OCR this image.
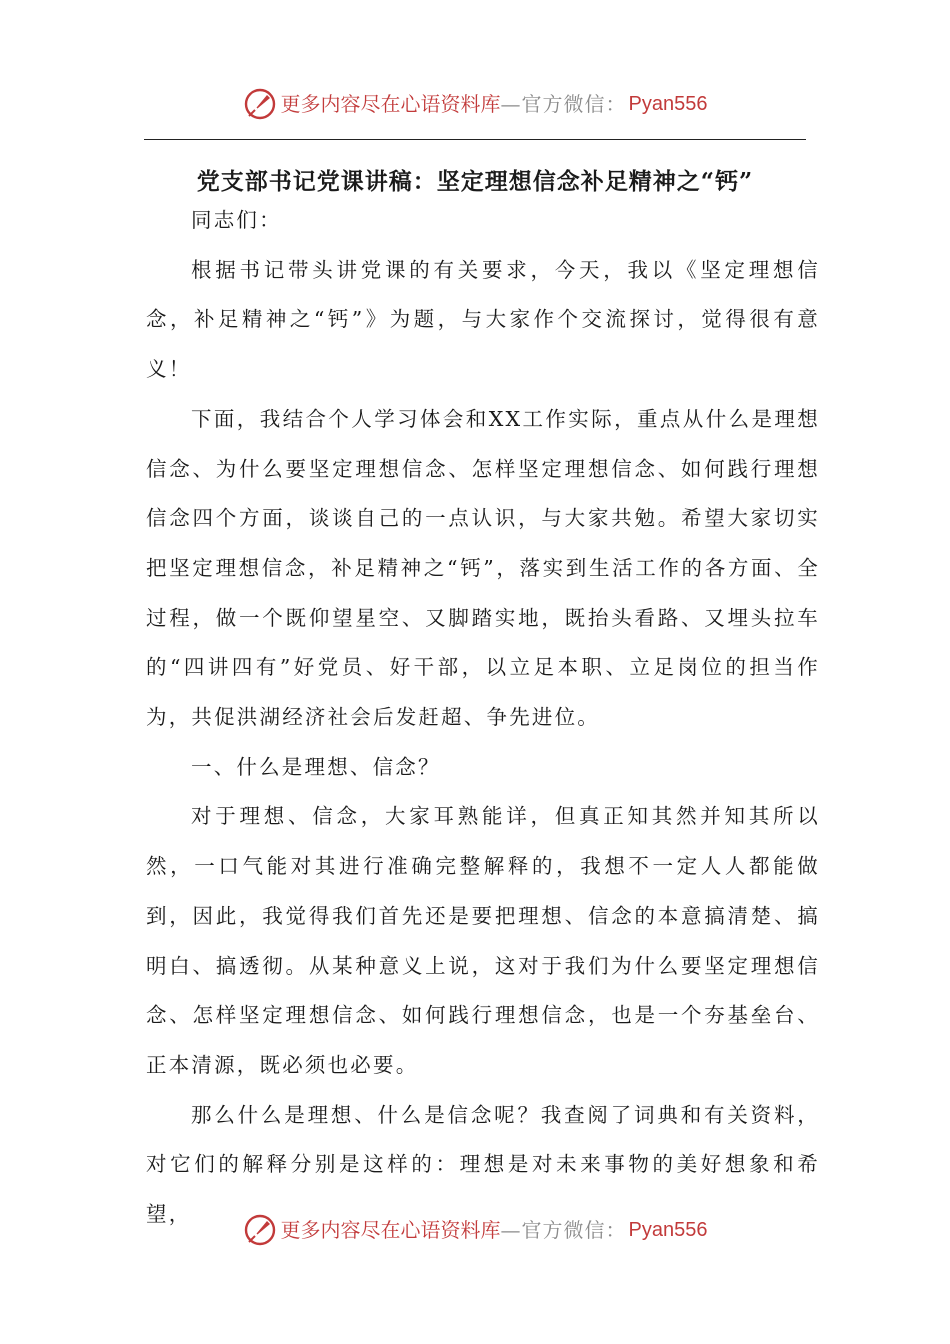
更多内容尽在心语资料库 — 官方微信： Pyan556
党支部书记党课讲稿：坚定理想信念补足精神之“钙”

同志们：

根据书记带头讲党课的有关要求，今天，我以《坚定理想信念，补足精神之“钙”》为题，与大家作个交流探讨，觉得很有意义！

下面，我结合个人学习体会和XX工作实际，重点从什么是理想信念、为什么要坚定理想信念、怎样坚定理想信念、如何践行理想信念四个方面，谈谈自己的一点认识，与大家共勉。希望大家切实把坚定理想信念，补足精神之“钙”，落实到生活工作的各方面、全过程，做一个既仰望星空、又脚踏实地，既抬头看路、又埋头拉车的“四讲四有”好党员、好干部，以立足本职、立足岗位的担当作为，共促洪湖经济社会后发赶超、争先进位。

一、什么是理想、信念？

对于理想、信念，大家耳熟能详，但真正知其然并知其所以然，一口气能对其进行准确完整解释的，我想不一定人人都能做到，因此，我觉得我们首先还是要把理想、信念的本意搞清楚、搞明白、搞透彻。从某种意义上说，这对于我们为什么要坚定理想信念、怎样坚定理想信念、如何践行理想信念，也是一个夯基垒台、正本清源，既必须也必要。

那么什么是理想、什么是信念呢？我查阅了词典和有关资料，对它们的解释分别是这样的：理想是对未来事物的美好想象和希望，

更多内容尽在心语资料库 — 官方微信： Pyan556
